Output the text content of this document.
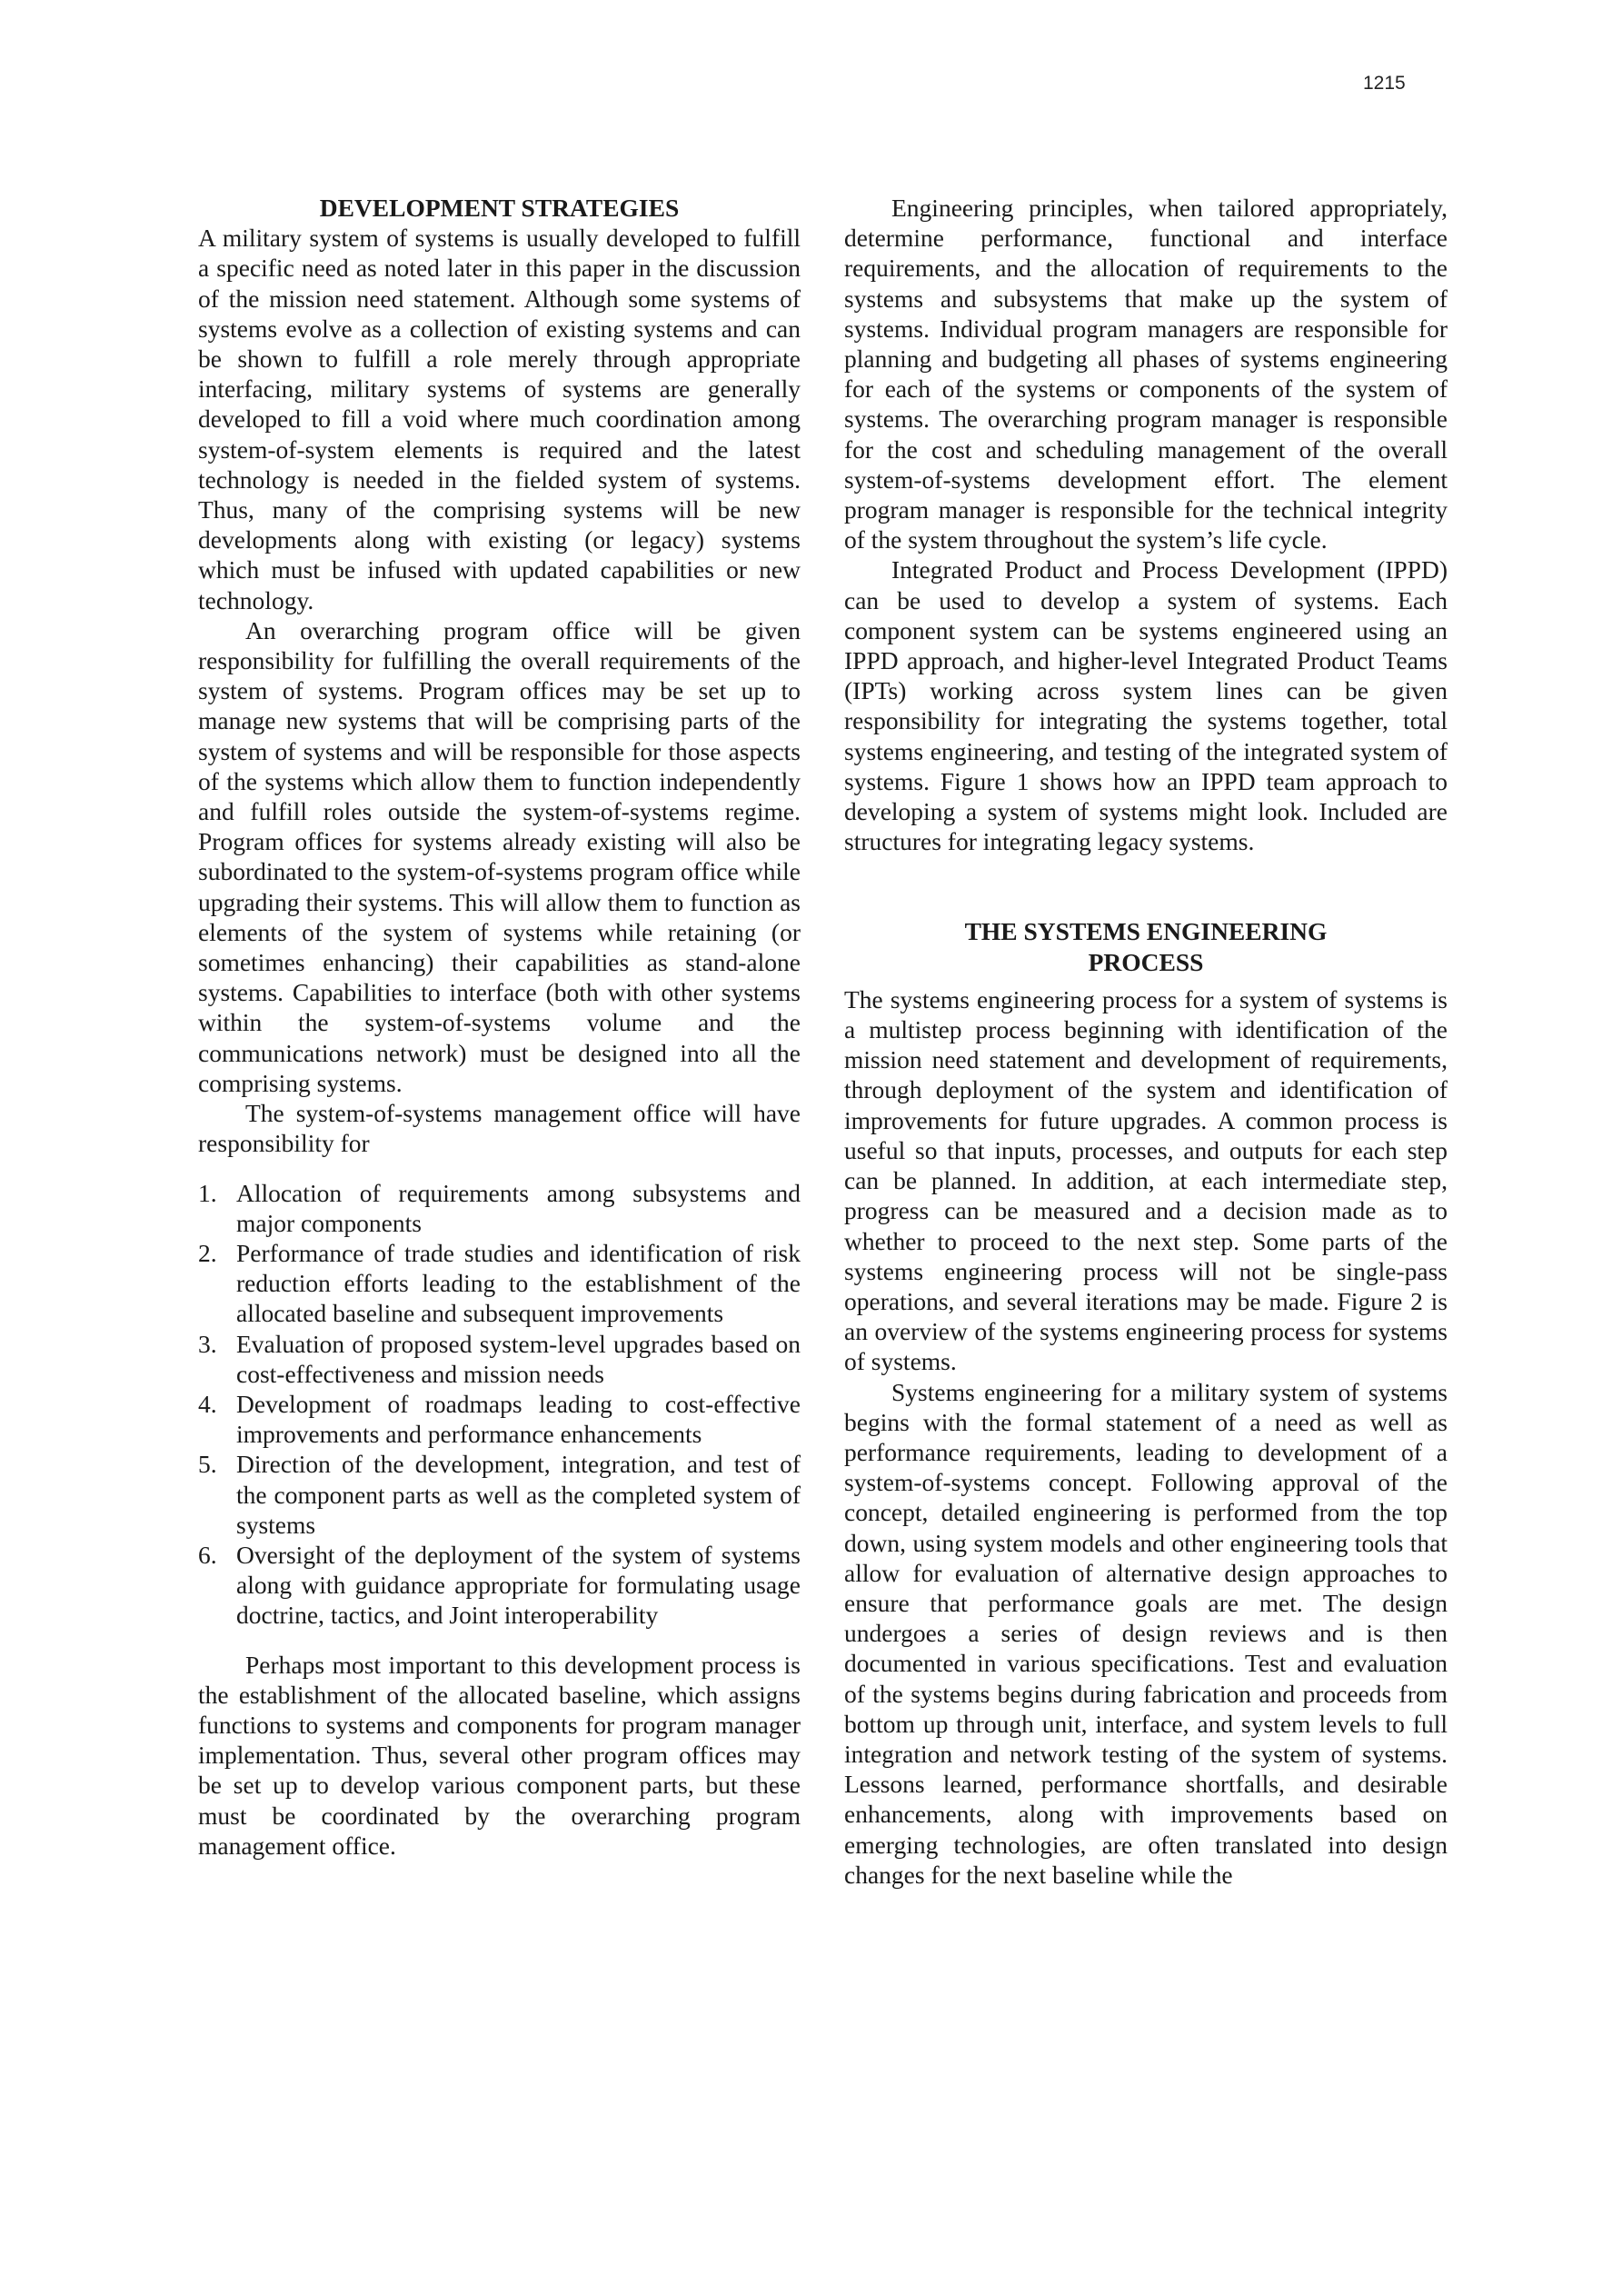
1215
DEVELOPMENT STRATEGIES

A military system of systems is usually developed to fulfill a specific need as noted later in this paper in the discussion of the mission need statement. Although some systems of systems evolve as a collection of existing systems and can be shown to fulfill a role merely through appropriate interfacing, military systems of systems are generally developed to fill a void where much coordination among system-of-system elements is required and the latest technology is needed in the fielded system of systems. Thus, many of the comprising systems will be new developments along with existing (or legacy) systems which must be infused with updated capabilities or new technology.

An overarching program office will be given responsibility for fulfilling the overall requirements of the system of systems. Program offices may be set up to manage new systems that will be comprising parts of the system of systems and will be responsible for those aspects of the systems which allow them to function independently and fulfill roles outside the system-of-systems regime. Program offices for systems already existing will also be subordinated to the system-of-systems program office while upgrading their systems. This will allow them to function as elements of the system of systems while retaining (or sometimes enhancing) their capabilities as stand-alone systems. Capabilities to interface (both with other systems within the system-of-systems volume and the communications network) must be designed into all the comprising systems.

The system-of-systems management office will have responsibility for

1. Allocation of requirements among subsystems and major components
2. Performance of trade studies and identification of risk reduction efforts leading to the establishment of the allocated baseline and subsequent improvements
3. Evaluation of proposed system-level upgrades based on cost-effectiveness and mission needs
4. Development of roadmaps leading to cost-effective improvements and performance enhancements
5. Direction of the development, integration, and test of the component parts as well as the completed system of systems
6. Oversight of the deployment of the system of systems along with guidance appropriate for formulating usage doctrine, tactics, and Joint interoperability

Perhaps most important to this development process is the establishment of the allocated baseline, which assigns functions to systems and components for program manager implementation. Thus, several other program offices may be set up to develop various component parts, but these must be coordinated by the overarching program management office.

Engineering principles, when tailored appropriately, determine performance, functional and interface requirements, and the allocation of requirements to the systems and subsystems that make up the system of systems. Individual program managers are responsible for planning and budgeting all phases of systems engineering for each of the systems or components of the system of systems. The overarching program manager is responsible for the cost and scheduling management of the overall system-of-systems development effort. The element program manager is responsible for the technical integrity of the system throughout the system’s life cycle.

Integrated Product and Process Development (IPPD) can be used to develop a system of systems. Each component system can be systems engineered using an IPPD approach, and higher-level Integrated Product Teams (IPTs) working across system lines can be given responsibility for integrating the systems together, total systems engineering, and testing of the integrated system of systems. Figure 1 shows how an IPPD team approach to developing a system of systems might look. Included are structures for integrating legacy systems.

THE SYSTEMS ENGINEERING
PROCESS

The systems engineering process for a system of systems is a multistep process beginning with identification of the mission need statement and development of requirements, through deployment of the system and identification of improvements for future upgrades. A common process is useful so that inputs, processes, and outputs for each step can be planned. In addition, at each intermediate step, progress can be measured and a decision made as to whether to proceed to the next step. Some parts of the systems engineering process will not be single-pass operations, and several iterations may be made. Figure 2 is an overview of the systems engineering process for systems of systems.

Systems engineering for a military system of systems begins with the formal statement of a need as well as performance requirements, leading to development of a system-of-systems concept. Following approval of the concept, detailed engineering is performed from the top down, using system models and other engineering tools that allow for evaluation of alternative design approaches to ensure that performance goals are met. The design undergoes a series of design reviews and is then documented in various specifications. Test and evaluation of the systems begins during fabrication and proceeds from bottom up through unit, interface, and system levels to full integration and network testing of the system of systems. Lessons learned, performance shortfalls, and desirable enhancements, along with improvements based on emerging technologies, are often translated into design changes for the next baseline while the
